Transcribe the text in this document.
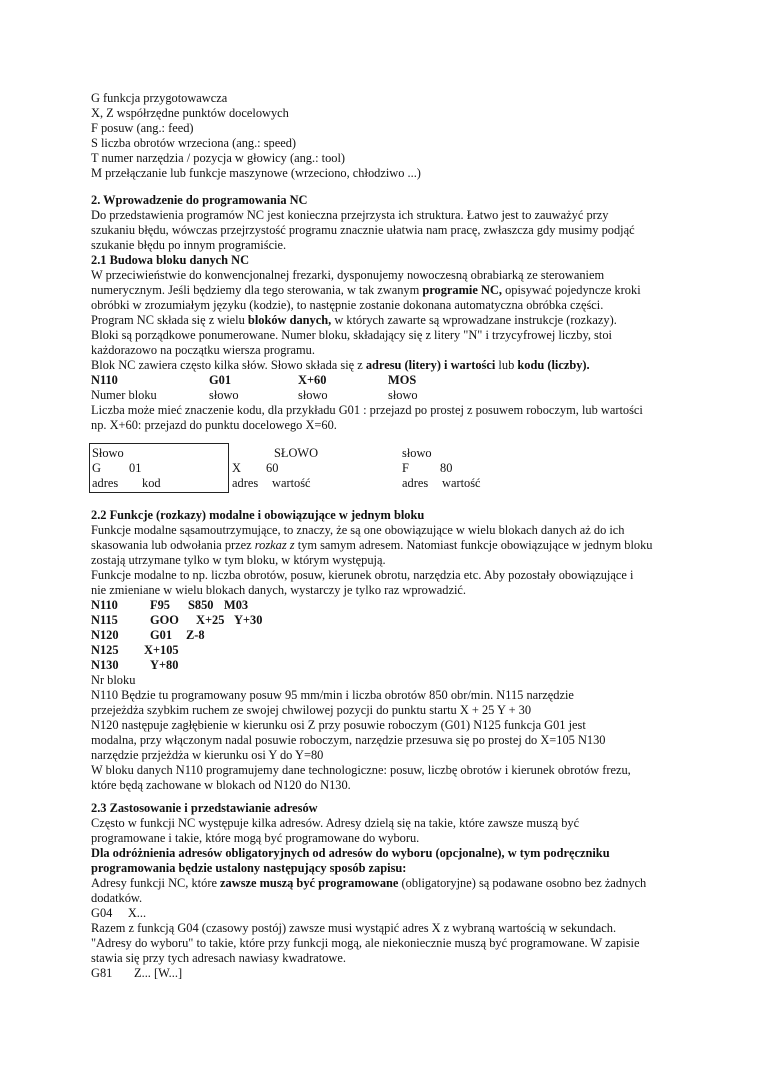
G funkcja przygotowawcza
X, Z współrzędne punktów docelowych
F posuw (ang.: feed)
S liczba obrotów wrzeciona (ang.: speed)
T numer narzędzia / pozycja w głowicy (ang.: tool)
M przełączanie lub funkcje maszynowe (wrzeciono, chłodziwo ...)
2. Wprowadzenie do programowania NC
Do przedstawienia programów NC jest konieczna przejrzysta ich struktura. Łatwo jest to zauważyć przy
szukaniu błędu, wówczas przejrzystość programu znacznie ułatwia nam pracę, zwłaszcza gdy musimy podjąć
szukanie błędu po innym programiście.
2.1 Budowa bloku danych NC
W przeciwieństwie do konwencjonalnej frezarki, dysponujemy nowoczesną obrabiarką ze sterowaniem
numerycznym. Jeśli będziemy dla tego sterowania, w tak zwanym programie NC, opisywać pojedyncze kroki
obróbki w zrozumiałym języku (kodzie), to następnie zostanie dokonana automatyczna obróbka części.
Program NC składa się z wielu bloków danych, w których zawarte są wprowadzane instrukcje (rozkazy).
Bloki są porządkowe ponumerowane. Numer bloku, składający się z litery "N" i trzycyfrowej liczby, stoi
każdorazowo na początku wiersza programu.
Blok NC zawiera często kilka słów. Słowo składa się z adresu (litery) i wartości lub kodu (liczby).
N110	G01	X+60	MOS
Numer bloku	słowo	słowo	słowo
Liczba może mieć znaczenie kodu, dla przykładu G01 : przejazd po prostej z posuwem roboczym, lub wartości
np. X+60: przejazd do punktu docelowego X=60.
Słowo	SŁOWO	słowo
G 01	X 60	F	80
adres kod	adres wartość	adres wartość
2.2 Funkcje (rozkazy) modalne i obowiązujące w jednym bloku
Funkcje modalne sąsamoutrzymujące, to znaczy, że są one obowiązujące w wielu blokach danych aż do ich
skasowania lub odwołania przez rozkaz z tym samym adresem. Natomiast funkcje obowiązujące w jednym bloku
zostają utrzymane tylko w tym bloku, w którym występują.
Funkcje modalne to np. liczba obrotów, posuw, kierunek obrotu, narzędzia etc. Aby pozostały obowiązujące i
nie zmieniane w wielu blokach danych, wystarczy je tylko raz wprowadzić.
N110	F95 S850 M03
N115	GOO X+25 Y+30
N120	G01 Z-8
N125 X+105
N130	Y+80
Nr bloku
N110 Będzie tu programowany posuw 95 mm/min i liczba obrotów 850 obr/min. N115 narzędzie
przejeżdża szybkim ruchem ze swojej chwilowej pozycji do punktu startu X + 25 Y + 30
N120 następuje zagłębienie w kierunku osi Z przy posuwie roboczym (G01) N125 funkcja G01 jest
modalna, przy włączonym nadal posuwie roboczym, narzędzie przesuwa się po prostej do X=105 N130
narzędzie przjeżdża w kierunku osi Y do Y=80
W bloku danych N110 programujemy dane technologiczne: posuw, liczbę obrotów i kierunek obrotów frezu,
które będą zachowane w blokach od N120 do N130.
2.3 Zastosowanie i przedstawianie adresów
Często w funkcji NC występuje kilka adresów. Adresy dzielą się na takie, które zawsze muszą być
programowane i takie, które mogą być programowane do wyboru.
Dla odróżnienia adresów obligatoryjnych od adresów do wyboru (opcjonalne), w tym podręczniku
programowania będzie ustalony następujący sposób zapisu:
Adresy funkcji NC, które zawsze muszą być programowane (obligatoryjne) są podawane osobno bez żadnych
dodatków.
G04     X...
Razem z funkcją G04 (czasowy postój) zawsze musi wystąpić adres X z wybraną wartością w sekundach.
"Adresy do wyboru" to takie, które przy funkcji mogą, ale niekoniecznie muszą być programowane. W zapisie
stawia się przy tych adresach nawiasy kwadratowe.
G81       Z... [W...]
